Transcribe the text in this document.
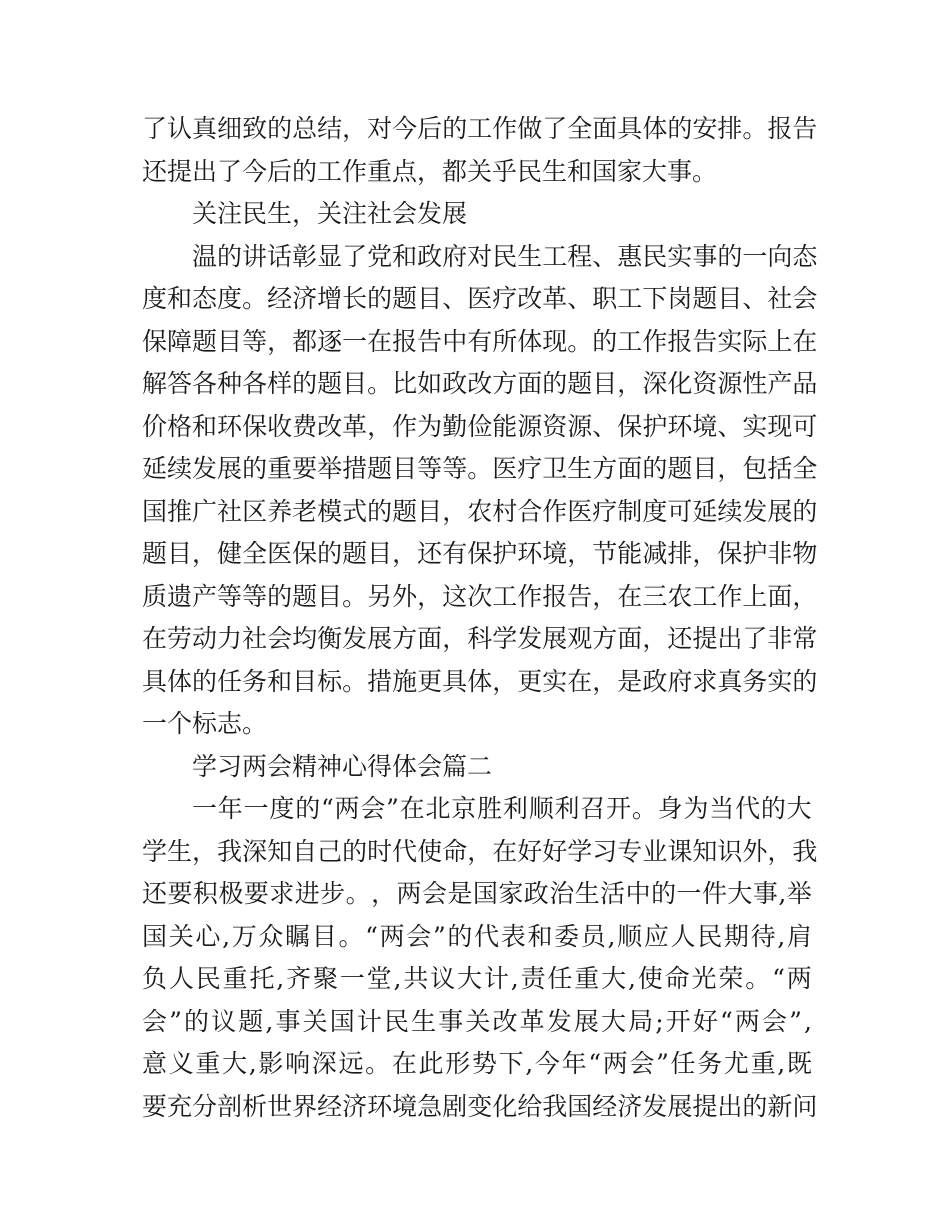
了 认 真 细 致 的 总 结 ， 对 今 后 的 工 作 做 了 全 面 具 体 的 安 排 。 报 告
还提出了今后的工作重点，都关乎民生和国家大事。
关注民生，关注社会发展
温 的 讲 话 彰 显 了 党 和 政 府 对 民 生 工 程 、 惠 民 实 事 的 一 向 态
度 和 态 度 。 经 济 增 长 的 题 目 、 医 疗 改 革 、 职 工 下 岗 题 目 、 社 会
保 障 题 目 等 ， 都 逐 一 在 报 告 中 有 所 体 现 。 的 工 作 报 告 实 际 上 在
解 答 各 种 各 样 的 题 目 。 比 如 政 改 方 面 的 题 目 ， 深 化 资 源 性 产 品
价 格 和 环 保 收 费 改 革 ， 作 为 勤 俭 能 源 资 源 、 保 护 环 境 、 实 现 可
延 续 发 展 的 重 要 举 措 题 目 等 等 。 医 疗 卫 生 方 面 的 题 目 ， 包 括 全
国 推 广 社 区 养 老 模 式 的 题 目 ， 农 村 合 作 医 疗 制 度 可 延 续 发 展 的
题 目 ， 健 全 医 保 的 题 目 ， 还 有 保 护 环 境 ， 节 能 减 排 ， 保 护 非 物
质 遗 产 等 等 的 题 目 。 另 外 ， 这 次 工 作 报 告 ， 在 三 农 工 作 上 面 ，
在 劳 动 力 社 会 均 衡 发 展 方 面 ， 科 学 发 展 观 方 面 ， 还 提 出 了 非 常
具 体 的 任 务 和 目 标 。 措 施 更 具 体 ， 更 实 在 ， 是 政 府 求 真 务 实 的
一个标志。
学习两会精神心得体会篇二
一 年 一 度 的 “ 两 会 ” 在 北 京 胜 利 顺 利 召 开 。 身 为 当 代 的 大
学 生 ， 我 深 知 自 己 的 时 代 使 命 ， 在 好 好 学 习 专 业 课 知 识 外 ， 我
还 要 积 极 要 求 进 步 。 ， 两 会 是 国 家 政 治 生 活 中 的 一 件 大 事 , 举
国 关 心 , 万 众 瞩 目 。 “ 两 会 ” 的 代 表 和 委 员 , 顺 应 人 民 期 待 , 肩
负 人 民 重 托 , 齐 聚 一 堂 , 共 议 大 计 , 责 任 重 大 , 使 命 光 荣 。 “ 两
会 ” 的 议 题 , 事 关 国 计 民 生 事 关 改 革 发 展 大 局 ; 开 好 “ 两 会 ” ,
意 义 重 大 , 影 响 深 远 。 在 此 形 势 下 , 今 年 “ 两 会 ” 任 务 尤 重 , 既
要 充 分 剖 析 世 界 经 济 环 境 急 剧 变 化 给 我 国 经 济 发 展 提 出 的 新 问
